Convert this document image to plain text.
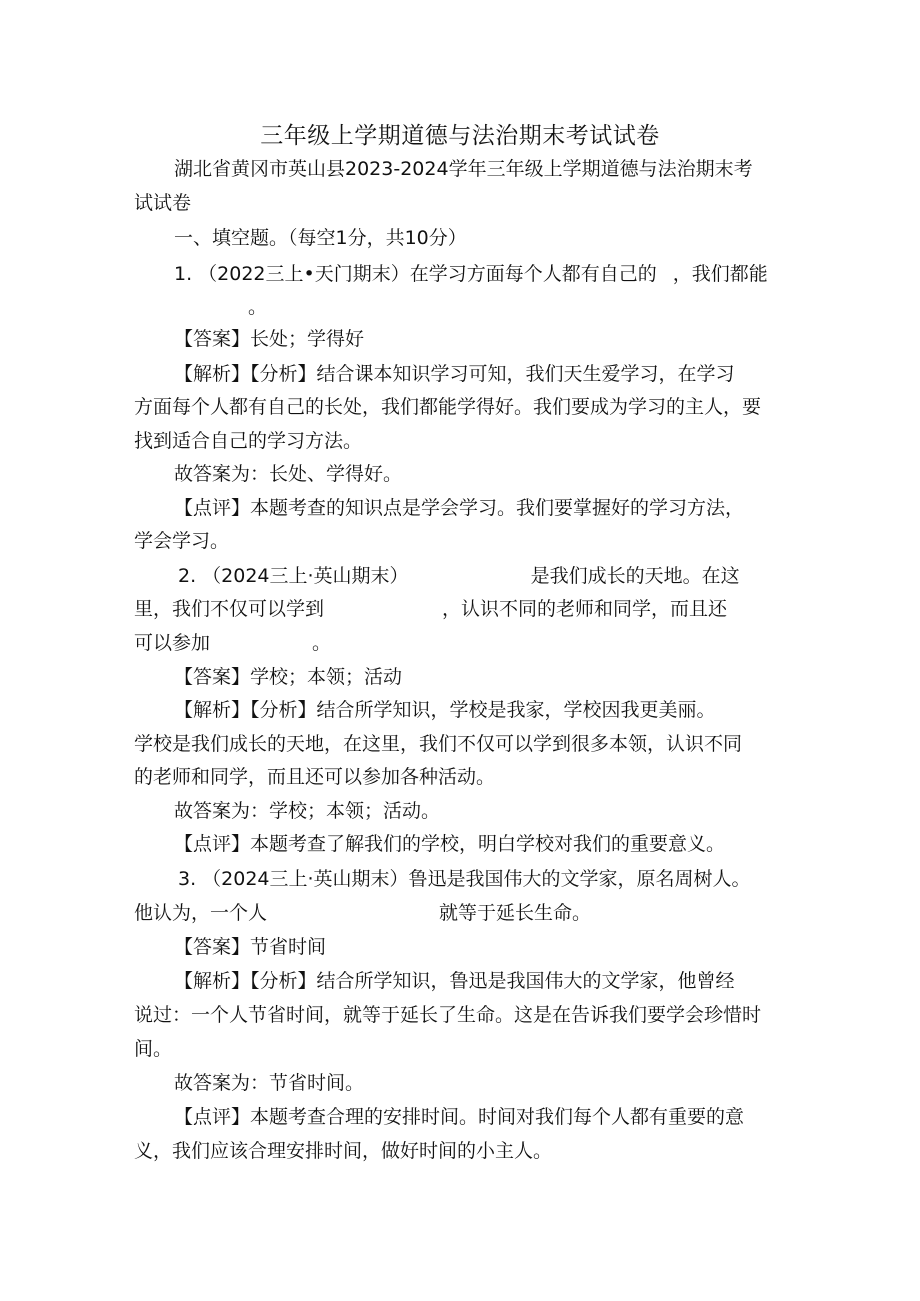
三年级上学期道德与法治期末考试试卷
湖北省黄冈市英山县2023-2024学年三年级上学期道德与法治期末考
试试卷
一、填空题。（每空1分，共10分）
1. （2022三上•天门期末）在学习方面每个人都有自己的 ，我们都能
。
【答案】长处；学得好
【解析】【分析】结合课本知识学习可知，我们天生爱学习，在学习
方面每个人都有自己的长处，我们都能学得好。我们要成为学习的主人，要
找到适合自己的学习方法。
故答案为：长处、学得好。
【点评】本题考查的知识点是学会学习。我们要掌握好的学习方法，
学会学习。
2. （2024三上·英山期末）	是我们成长的天地。在这
里，我们不仅可以学到	，认识不同的老师和同学，而且还
可以参加	。
【答案】学校；本领；活动
【解析】【分析】结合所学知识，学校是我家，学校因我更美丽。
学校是我们成长的天地，在这里，我们不仅可以学到很多本领，认识不同
的老师和同学，而且还可以参加各种活动。
故答案为：学校；本领；活动。
【点评】本题考查了解我们的学校，明白学校对我们的重要意义。
3. （2024三上·英山期末）鲁迅是我国伟大的文学家，原名周树人。
他认为，一个人	就等于延长生命。
【答案】节省时间
【解析】【分析】结合所学知识，鲁迅是我国伟大的文学家，他曾经
说过：一个人节省时间，就等于延长了生命。这是在告诉我们要学会珍惜时
间。
故答案为：节省时间。
【点评】本题考查合理的安排时间。时间对我们每个人都有重要的意
义，我们应该合理安排时间，做好时间的小主人。
